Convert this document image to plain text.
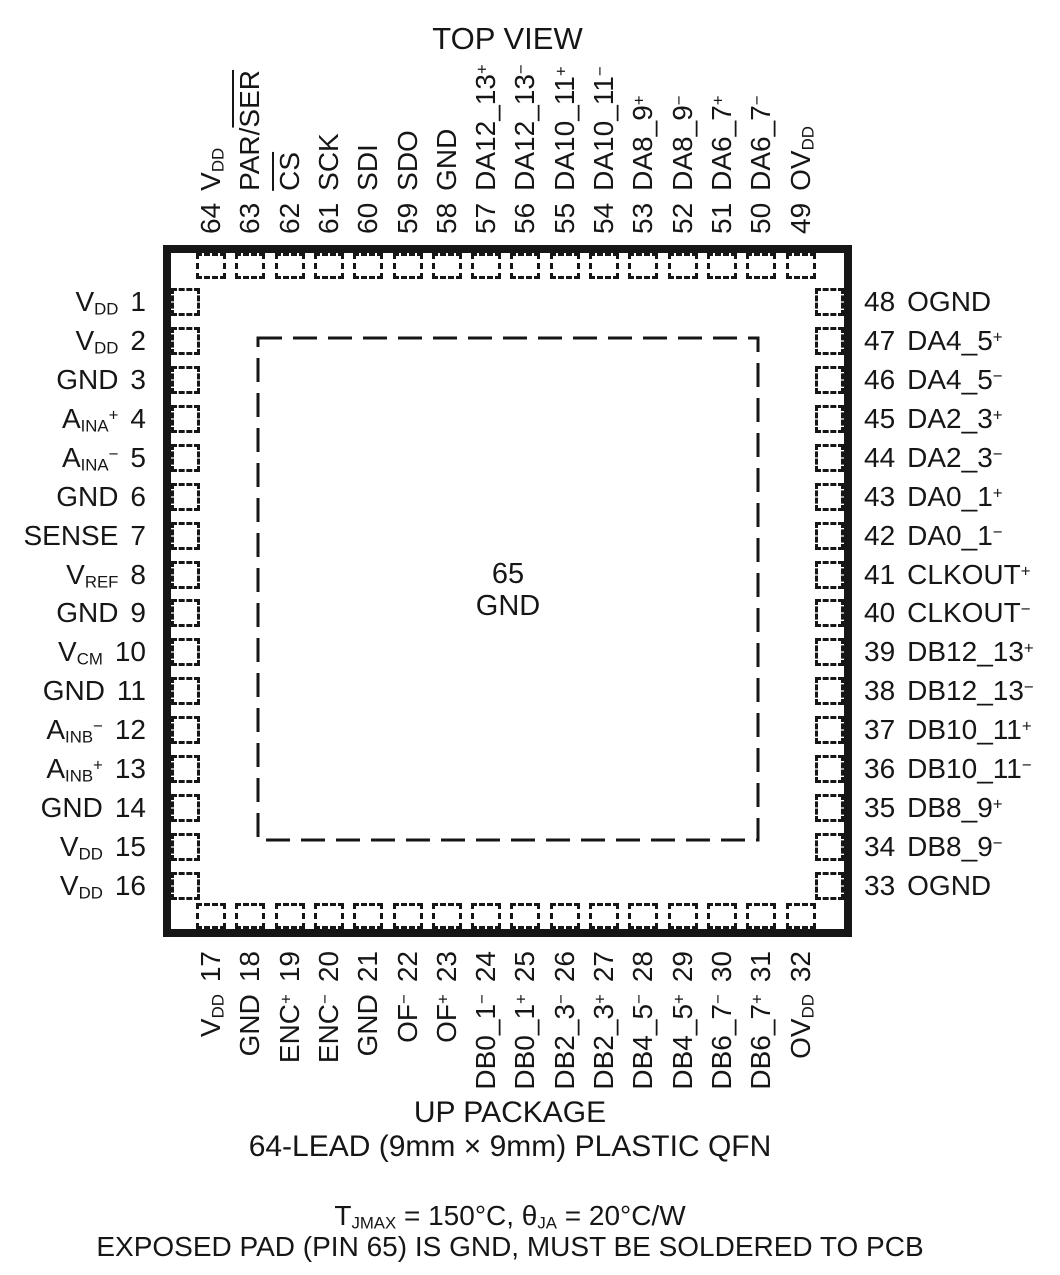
TOP VIEW
65
GND
64VDD
$63PAR/\overline{SER}$
$62\overline{CS}$
61SCK
60SDI
59SDO
58GND
57DA12_13+
56DA12_13−
55DA10_11+
54DA10_11−
53DA8_9+
52DA8_9−
51DA6_7+
50DA6_7−
49OVDD
VDD17
GND18
ENC+19
ENC−20
GND21
OF−22
OF+23
DB0_1−24
DB0_1+25
DB2_3−26
DB2_3+27
DB4_5−28
DB4_5+29
DB6_7−30
DB6_7+31
OVDD32
VDD 1
VDD 2
GND 3
AINA+ 4
AINA− 5
GND 6
SENSE 7
VREF 8
GND 9
VCM 10
GND 11
AINB− 12
AINB+ 13
GND 14
VDD 15
VDD 16
48 OGND
47 DA4_5+
46 DA4_5−
45 DA2_3+
44 DA2_3−
43 DA0_1+
42 DA0_1−
41 CLKOUT+
40 CLKOUT−
39 DB12_13+
38 DB12_13−
37 DB10_11+
36 DB10_11−
35 DB8_9+
34 DB8_9−
33 OGND
UP PACKAGE
64-LEAD (9mm × 9mm) PLASTIC QFN
TJMAX = 150°C, θJA = 20°C/W
EXPOSED PAD (PIN 65) IS GND, MUST BE SOLDERED TO PCB
